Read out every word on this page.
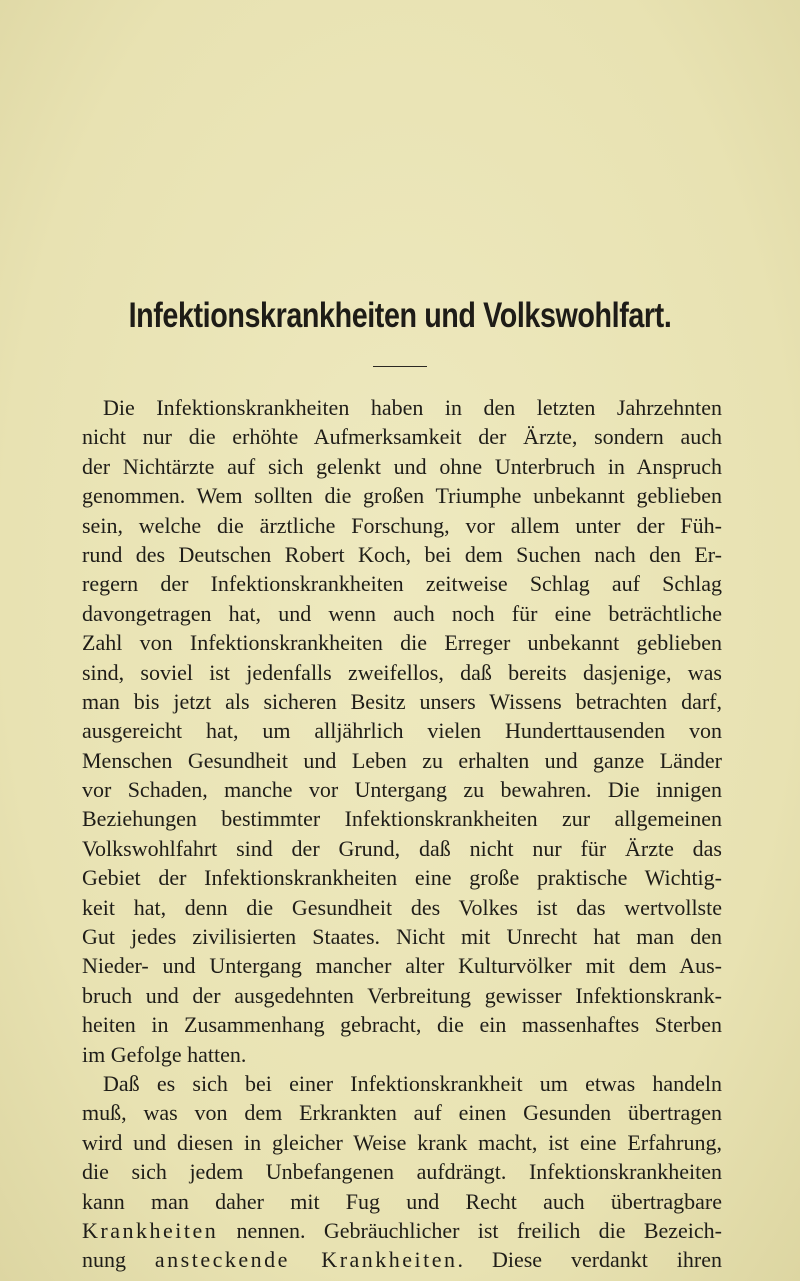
Infektionskrankheiten und Volkswohlfart.
Die Infektionskrankheiten haben in den letzten Jahrzehnten
nicht nur die erhöhte Aufmerksamkeit der Ärzte, sondern auch
der Nichtärzte auf sich gelenkt und ohne Unterbruch in Anspruch
genommen. Wem sollten die großen Triumphe unbekannt geblieben
sein, welche die ärztliche Forschung, vor allem unter der Füh-
rund des Deutschen Robert Koch, bei dem Suchen nach den Er-
regern der Infektionskrankheiten zeitweise Schlag auf Schlag
davongetragen hat, und wenn auch noch für eine beträchtliche
Zahl von Infektionskrankheiten die Erreger unbekannt geblieben
sind, soviel ist jedenfalls zweifellos, daß bereits dasjenige, was
man bis jetzt als sicheren Besitz unsers Wissens betrachten darf,
ausgereicht hat, um alljährlich vielen Hunderttausenden von
Menschen Gesundheit und Leben zu erhalten und ganze Länder
vor Schaden, manche vor Untergang zu bewahren. Die innigen
Beziehungen bestimmter Infektionskrankheiten zur allgemeinen
Volkswohlfahrt sind der Grund, daß nicht nur für Ärzte das
Gebiet der Infektionskrankheiten eine große praktische Wichtig-
keit hat, denn die Gesundheit des Volkes ist das wertvollste
Gut jedes zivilisierten Staates. Nicht mit Unrecht hat man den
Nieder- und Untergang mancher alter Kulturvölker mit dem Aus-
bruch und der ausgedehnten Verbreitung gewisser Infektionskrank-
heiten in Zusammenhang gebracht, die ein massenhaftes Sterben
im Gefolge hatten.
Daß es sich bei einer Infektionskrankheit um etwas handeln
muß, was von dem Erkrankten auf einen Gesunden übertragen
wird und diesen in gleicher Weise krank macht, ist eine Erfahrung,
die sich jedem Unbefangenen aufdrängt. Infektionskrankheiten
kann man daher mit Fug und Recht auch übertragbare
Krankheiten nennen. Gebräuchlicher ist freilich die Bezeich-
nung ansteckende Krankheiten. Diese verdankt ihren
